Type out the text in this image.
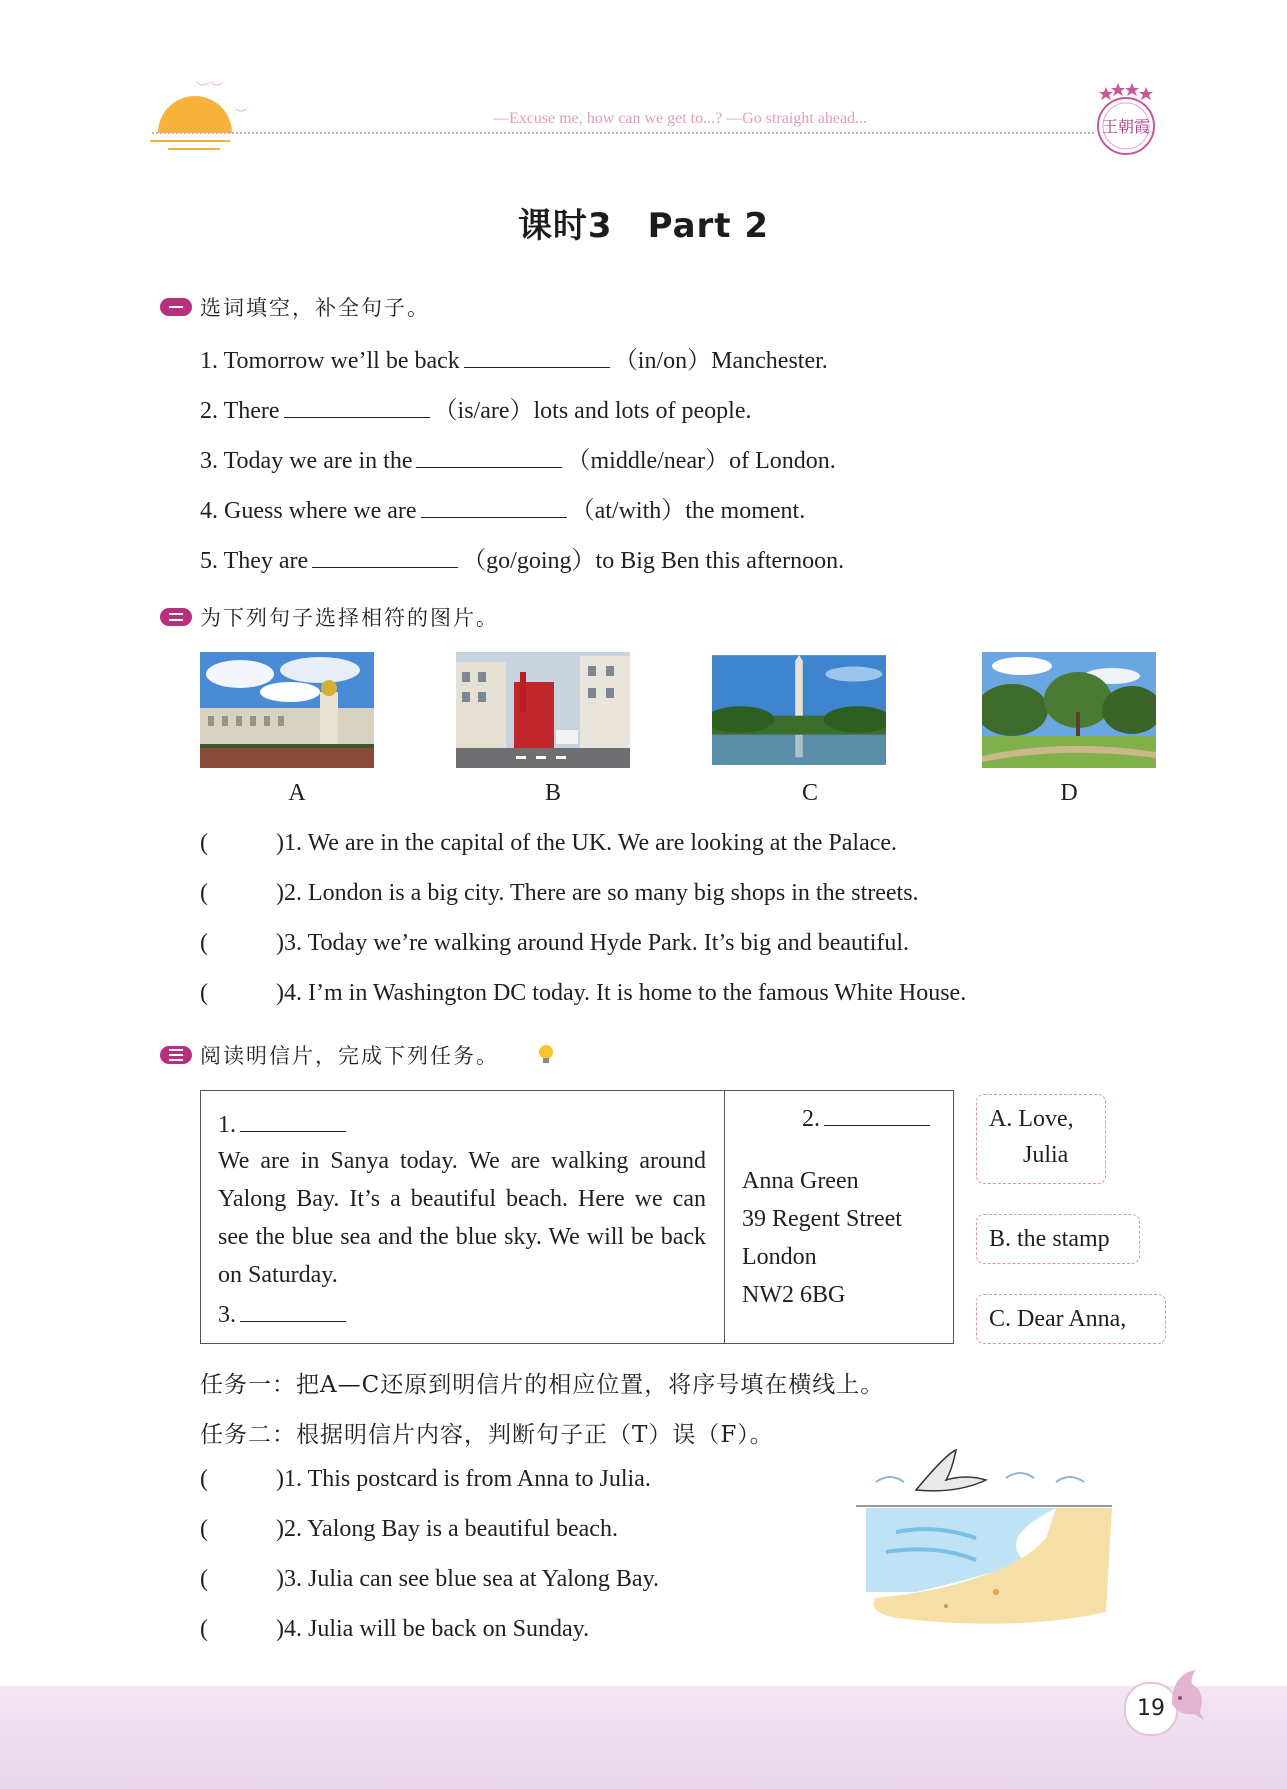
︶︶
︶	—Excuse me, how can we get to...? —Go straight ahead...	王朝霞
课时3　Part 2
选词填空，补全句子。
1. Tomorrow we’ll be back	（in/on）Manchester.
2. There	（is/are）lots and lots of people.
3. Today we are in the	（middle/near）of London.
4. Guess where we are	（at/with）the moment.
5. They are	（go/going）to Big Ben this afternoon.
为下列句子选择相符的图片。
A	B	C	D
(	)1. We are in the capital of the UK. We are looking at the Palace.
(	)2. London is a big city. There are so many big shops in the streets.
(	)3. Today we’re walking around Hyde Park. It’s big and beautiful.
(	)4. I’m in Washington DC today. It is home to the famous White House.
阅读明信片，完成下列任务。
1.
We are in Sanya today. We are walking around Yalong Bay. It’s a beautiful beach. Here we can see the blue sea and the blue sky. We will be back on Saturday.
3.
2.
Anna Green
39 Regent Street
London
NW2 6BG
A. Love,
Julia
B. the stamp
C. Dear Anna,
任务一：把A—C还原到明信片的相应位置，将序号填在横线上。
任务二：根据明信片内容，判断句子正（T）误（F）。
(	)1. This postcard is from Anna to Julia.
(	)2. Yalong Bay is a beautiful beach.
(	)3. Julia can see blue sea at Yalong Bay.
(	)4. Julia will be back on Sunday.
19
